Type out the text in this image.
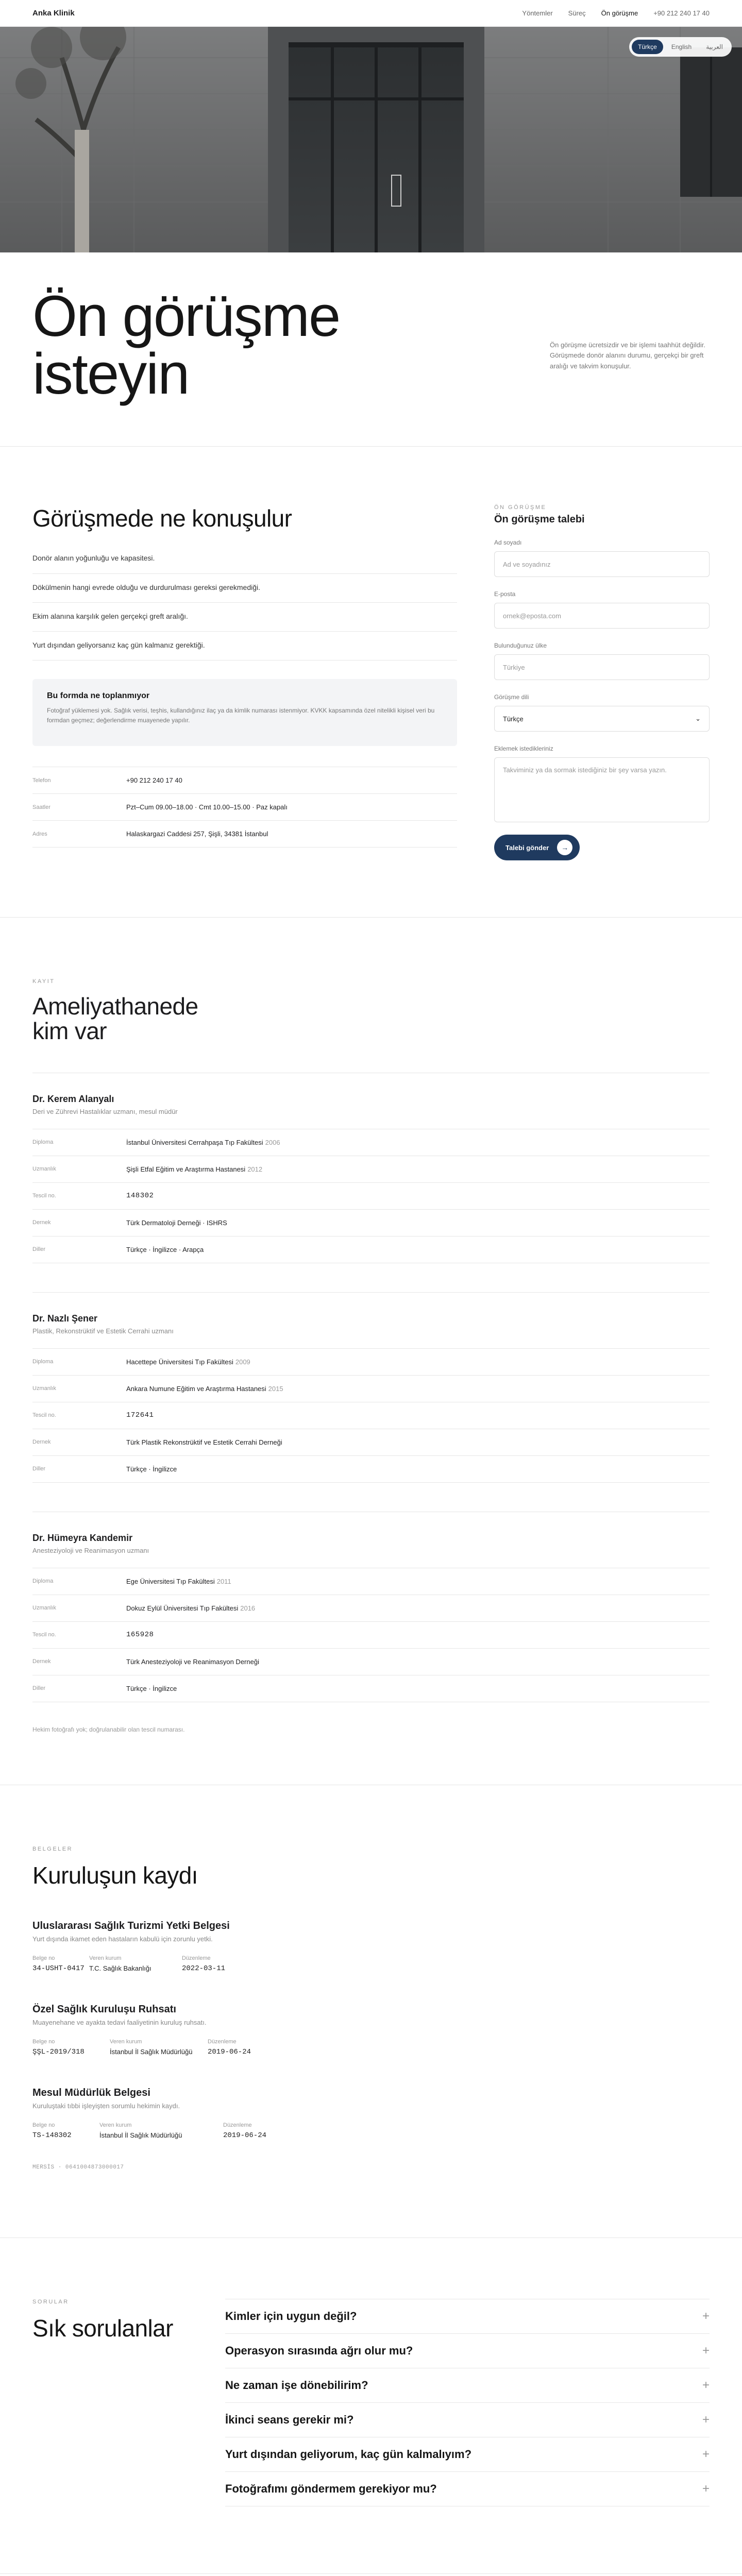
Anka Klinik	Yöntemler Süreç Ön görüşme +90 212 240 17 40
Türkçe	English	العربية
Ön görüşme
isteyin	Ön görüşme ücretsizdir ve bir işlemi taahhüt değildir. Görüşmede donör alanını durumu, gerçekçi bir greft aralığı ve takvim konuşulur.

Görüşmede ne konuşulur
Donör alanın yoğunluğu ve kapasitesi.
Dökülmenin hangi evrede olduğu ve durdurulması gereksi gerekmediği.
Ekim alanına karşılık gelen gerçekçi greft aralığı.
Yurt dışından geliyorsanız kaç gün kalmanız gerektiği.
Bu formda ne toplanmıyor

Fotoğraf yüklemesi yok. Sağlık verisi, teşhis, kullandığınız ilaç ya da kimlik numarası istenmiyor. KVKK kapsamında özel nitelikli kişisel veri bu formdan geçmez; değerlendirme muayenede yapılır.

Telefon	+90 212 240 17 40
Saatler	Pzt–Cum 09.00–18.00 · Cmt 10.00–15.00 · Paz kapalı
Adres	Halaskargazi Caddesi 257, Şişli, 34381 İstanbul
ÖN GÖRÜŞME
Ön görüşme talebi
Ad soyadı
Ad ve soyadınız
E-posta
ornek@eposta.com
Bulunduğunuz ülke
Türkiye
Görüşme dili
Türkçe	⌄
Eklemek istedikleriniz
Takviminiz ya da sormak istediğiniz bir şey varsa yazın.
Talebi gönder	→
KAYIT
Ameliyathanede
kim var
Dr. Kerem Alanyalı
Deri ve Zührevi Hastalıklar uzmanı, mesul müdür
Diploma	İstanbul Üniversitesi Cerrahpaşa Tıp Fakültesi 2006
Uzmanlık	Şişli Etfal Eğitim ve Araştırma Hastanesi 2012
Tescil no.	148302
Dernek	Türk Dermatoloji Derneği · ISHRS
Diller	Türkçe · İngilizce · Arapça
Dr. Nazlı Şener
Plastik, Rekonstrüktif ve Estetik Cerrahi uzmanı
Diploma	Hacettepe Üniversitesi Tıp Fakültesi 2009
Uzmanlık	Ankara Numune Eğitim ve Araştırma Hastanesi 2015
Tescil no.	172641
Dernek	Türk Plastik Rekonstrüktif ve Estetik Cerrahi Derneği
Diller	Türkçe · İngilizce
Dr. Hümeyra Kandemir
Anesteziyoloji ve Reanimasyon uzmanı
Diploma	Ege Üniversitesi Tıp Fakültesi 2011
Uzmanlık	Dokuz Eylül Üniversitesi Tıp Fakültesi 2016
Tescil no.	165928
Dernek	Türk Anesteziyoloji ve Reanimasyon Derneği
Diller	Türkçe · İngilizce

Hekim fotoğrafı yok; doğrulanabilir olan tescil numarası.

BELGELER
Kuruluşun kaydı
Uluslararası Sağlık Turizmi Yetki Belgesi
Yurt dışında ikamet eden hastaların kabulü için zorunlu yetki.
Belge no
34-USHT-0417
Veren kurum
T.C. Sağlık Bakanlığı
Düzenleme
2022-03-11
Özel Sağlık Kuruluşu Ruhsatı
Muayenehane ve ayakta tedavi faaliyetinin kuruluş ruhsatı.
Belge no
ŞŞL-2019/318
Veren kurum
İstanbul İl Sağlık Müdürlüğü
Düzenleme
2019-06-24
Mesul Müdürlük Belgesi
Kuruluştaki tıbbi işleyişten sorumlu hekimin kaydı.
Belge no
TS-148302
Veren kurum
İstanbul İl Sağlık Müdürlüğü
Düzenleme
2019-06-24
MERSİS · 0641004873000017
SORULAR
Sık sorulanlar	Kimler için uygun değil?	+
Operasyon sırasında ağrı olur mu?	+
Ne zaman işe dönebilirim?	+
İkinci seans gerekir mi?	+
Yurt dışından geliyorum, kaç gün kalmalıyım?	+
Fotoğrafımı göndermem gerekiyor mu?	+
